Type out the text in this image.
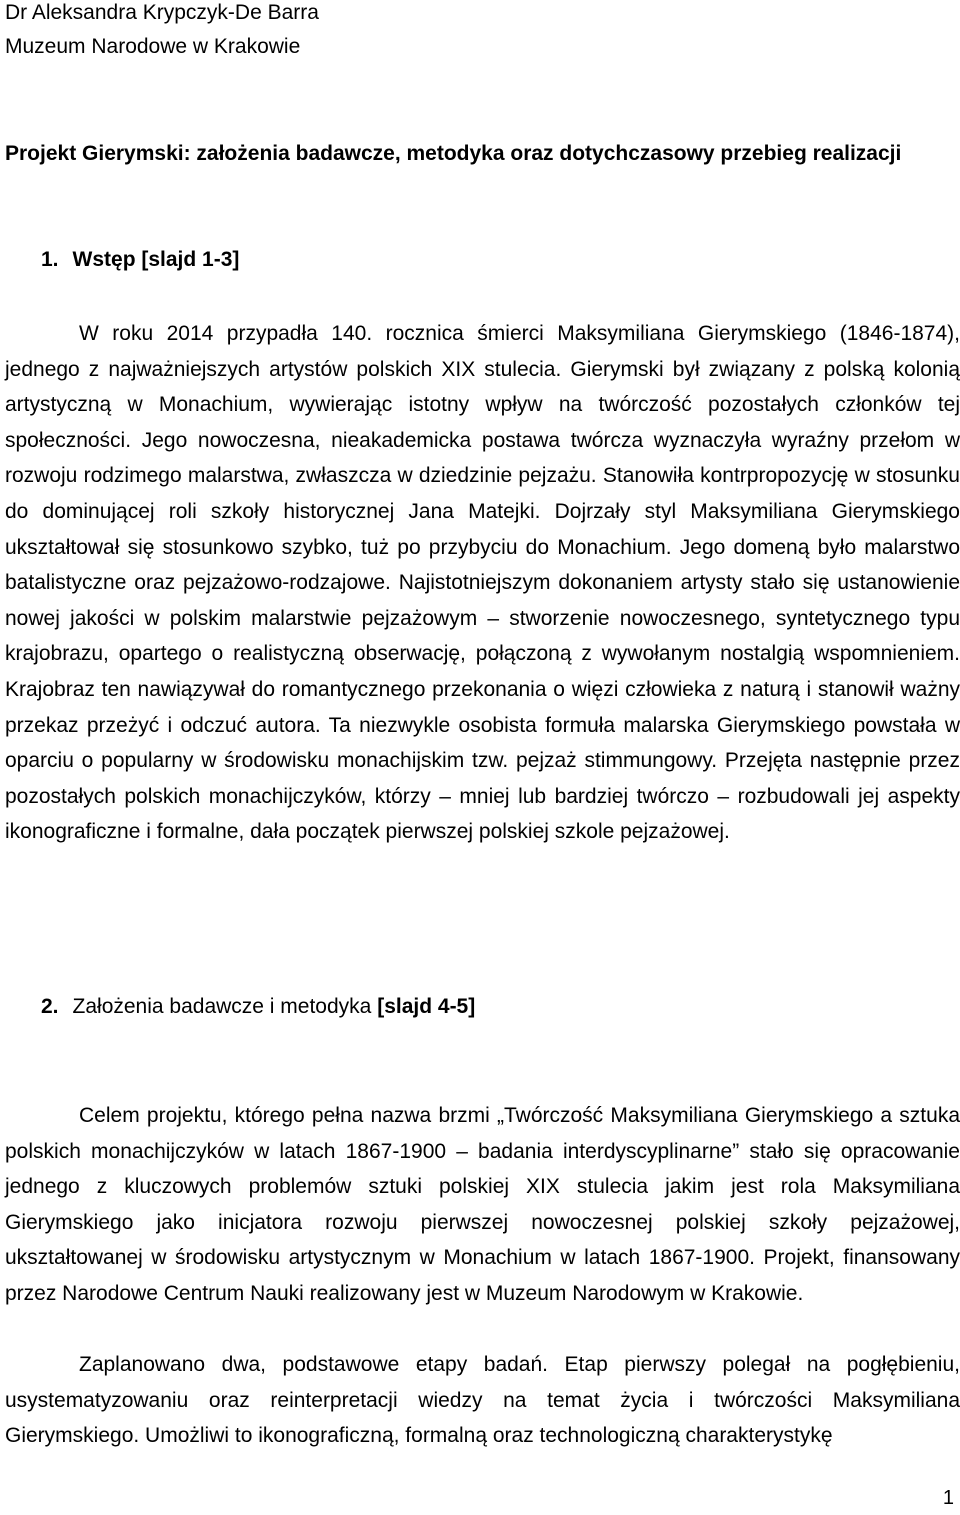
Dr Aleksandra Krypczyk-De Barra
Muzeum Narodowe w Krakowie
Projekt Gierymski: założenia badawcze, metodyka oraz dotychczasowy przebieg realizacji
1. Wstęp [slajd 1-3]

W roku 2014 przypadła 140. rocznica śmierci Maksymiliana Gierymskiego (1846-1874), jednego z najważniejszych artystów polskich XIX stulecia. Gierymski był związany z polską kolonią artystyczną w Monachium, wywierając istotny wpływ na twórczość pozostałych członków tej społeczności. Jego nowoczesna, nieakademicka postawa twórcza wyznaczyła wyraźny przełom w rozwoju rodzimego malarstwa, zwłaszcza w dziedzinie pejzażu. Stanowiła kontrpropozycję w stosunku do dominującej roli szkoły historycznej Jana Matejki. Dojrzały styl Maksymiliana Gierymskiego ukształtował się stosunkowo szybko, tuż po przybyciu do Monachium. Jego domeną było malarstwo batalistyczne oraz pejzażowo-rodzajowe. Najistotniejszym dokonaniem artysty stało się ustanowienie nowej jakości w polskim malarstwie pejzażowym – stworzenie nowoczesnego, syntetycznego typu krajobrazu, opartego o realistyczną obserwację, połączoną z wywołanym nostalgią wspomnieniem. Krajobraz ten nawiązywał do romantycznego przekonania o więzi człowieka z naturą i stanowił ważny przekaz przeżyć i odczuć autora. Ta niezwykle osobista formuła malarska Gierymskiego powstała w oparciu o popularny w środowisku monachijskim tzw. pejzaż stimmungowy. Przejęta następnie przez pozostałych polskich monachijczyków, którzy – mniej lub bardziej twórczo – rozbudowali jej aspekty ikonograficzne i formalne, dała początek pierwszej polskiej szkole pejzażowej.

2. Założenia badawcze i metodyka [slajd 4-5]

Celem projektu, którego pełna nazwa brzmi „Twórczość Maksymiliana Gierymskiego a sztuka polskich monachijczyków w latach 1867-1900 – badania interdyscyplinarne” stało się opracowanie jednego z kluczowych problemów sztuki polskiej XIX stulecia jakim jest rola Maksymiliana Gierymskiego jako inicjatora rozwoju pierwszej nowoczesnej polskiej szkoły pejzażowej, ukształtowanej w środowisku artystycznym w Monachium w latach 1867-1900. Projekt, finansowany przez Narodowe Centrum Nauki realizowany jest w Muzeum Narodowym w Krakowie.

Zaplanowano dwa, podstawowe etapy badań. Etap pierwszy polegał na pogłębieniu, usystematyzowaniu oraz reinterpretacji wiedzy na temat życia i twórczości Maksymiliana Gierymskiego. Umożliwi to ikonograficzną, formalną oraz technologiczną charakterystykę

1
